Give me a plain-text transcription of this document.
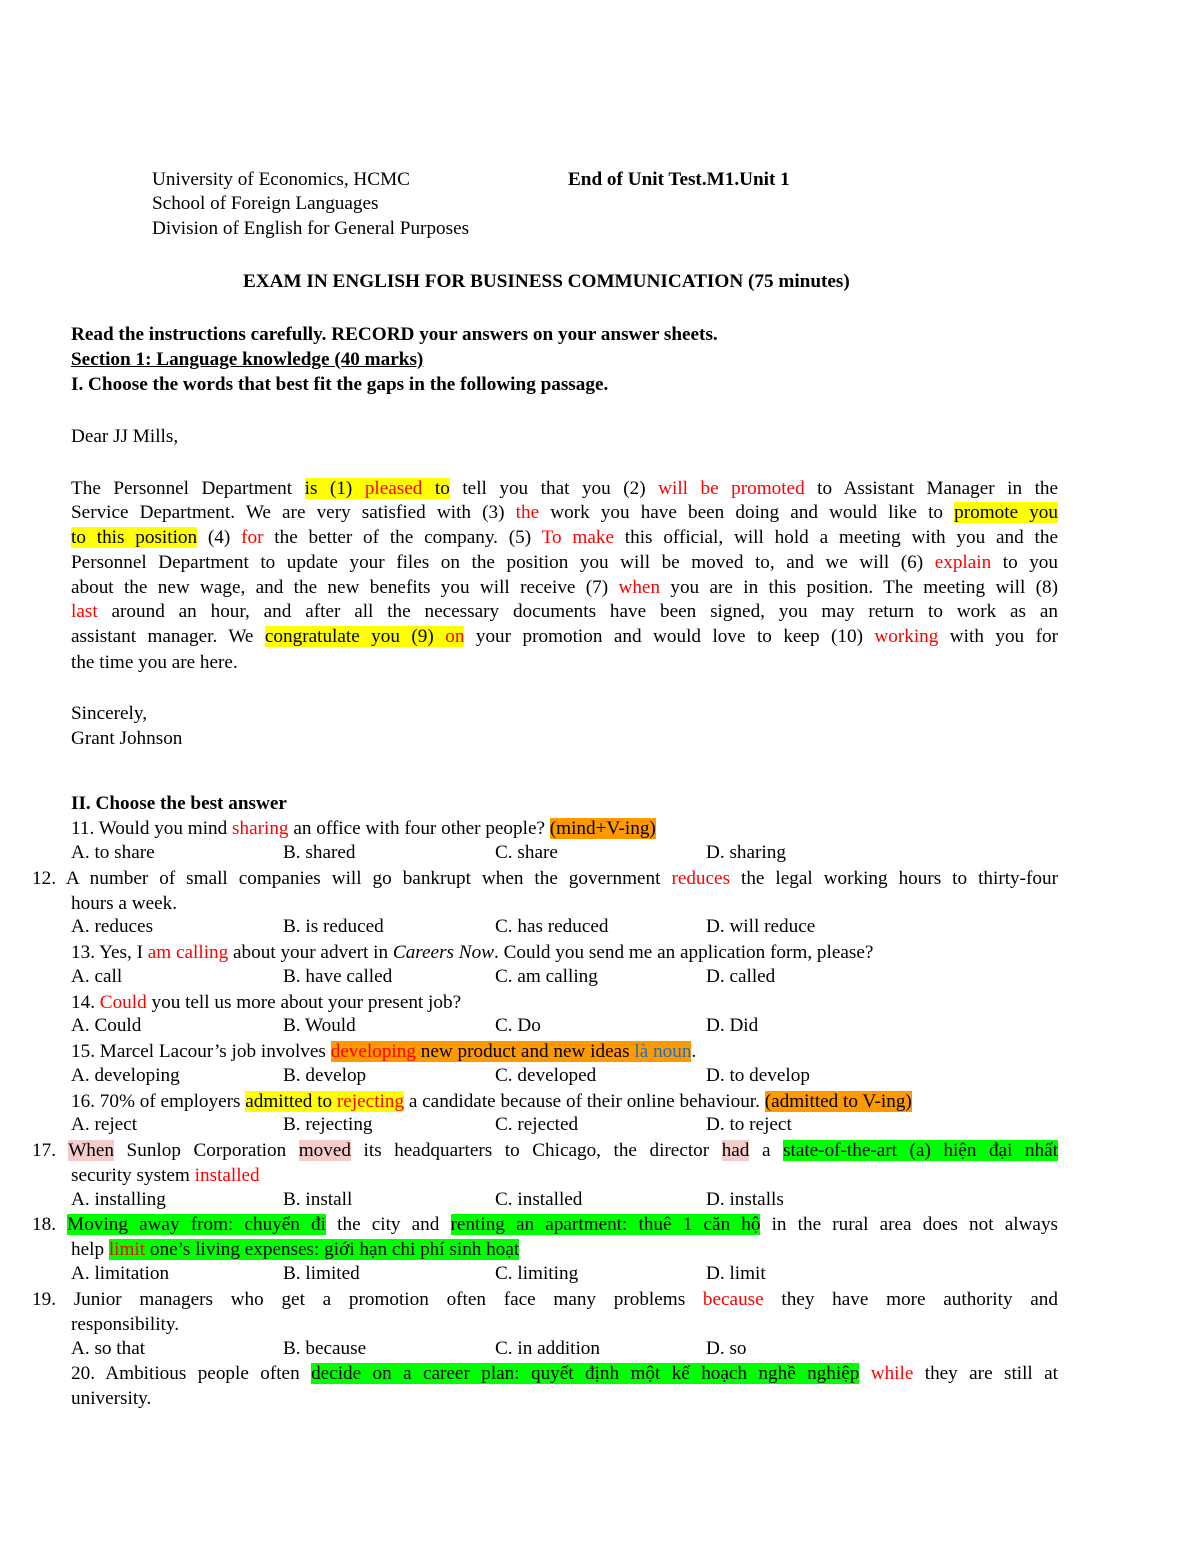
University of Economics, HCMC	End of Unit Test.M1.Unit 1
School of Foreign Languages
Division of English for General Purposes
EXAM IN ENGLISH FOR BUSINESS COMMUNICATION (75 minutes)
Read the instructions carefully. RECORD your answers on your answer sheets.
Section 1: Language knowledge (40 marks)
I. Choose the words that best fit the gaps in the following passage.
Dear JJ Mills,
The Personnel Department is (1) pleased to tell you that you (2) will be promoted to Assistant Manager in the
Service Department. We are very satisfied with (3) the work you have been doing and would like to promote you
to this position (4) for the better of the company. (5) To make this official, will hold a meeting with you and the
Personnel Department to update your files on the position you will be moved to, and we will (6) explain to you
about the new wage, and the new benefits you will receive (7) when you are in this position. The meeting will (8)
last around an hour, and after all the necessary documents have been signed, you may return to work as an
assistant manager. We congratulate you (9) on your promotion and would love to keep (10) working with you for
the time you are here.
Sincerely,
Grant Johnson
II. Choose the best answer
11. Would you mind sharing an office with four other people? (mind+V-ing)
A. to share	B. shared	C. share	D. sharing
12. A number of small companies will go bankrupt when the government reduces the legal working hours to thirty-four
hours a week.
A. reduces	B. is reduced	C. has reduced	D. will reduce
13. Yes, I am calling about your advert in Careers Now. Could you send me an application form, please?
A. call	B. have called	C. am calling	D. called
14. Could you tell us more about your present job?
A. Could	B. Would	C. Do	D. Did
15. Marcel Lacour’s job involves developing new product and new ideas là noun.
A. developing	B. develop	C. developed	D. to develop
16. 70% of employers admitted to rejecting a candidate because of their online behaviour. (admitted to V-ing)
A. reject	B. rejecting	C. rejected	D. to reject
17. When Sunlop Corporation moved its headquarters to Chicago, the director had a state-of-the-art (a) hiện đại nhất
security system installed
A. installing	B. install	C. installed	D. installs
18. Moving away from: chuyển đi the city and renting an apartment: thuê 1 căn hộ in the rural area does not always
help limit one’s living expenses: giới hạn chi phí sinh hoạt
A. limitation	B. limited	C. limiting	D. limit
19. Junior managers who get a promotion often face many problems because they have more authority and
responsibility.
A. so that	B. because	C. in addition	D. so
20. Ambitious people often decide on a career plan: quyết định một kế hoạch nghề nghiệp while they are still at
university.
